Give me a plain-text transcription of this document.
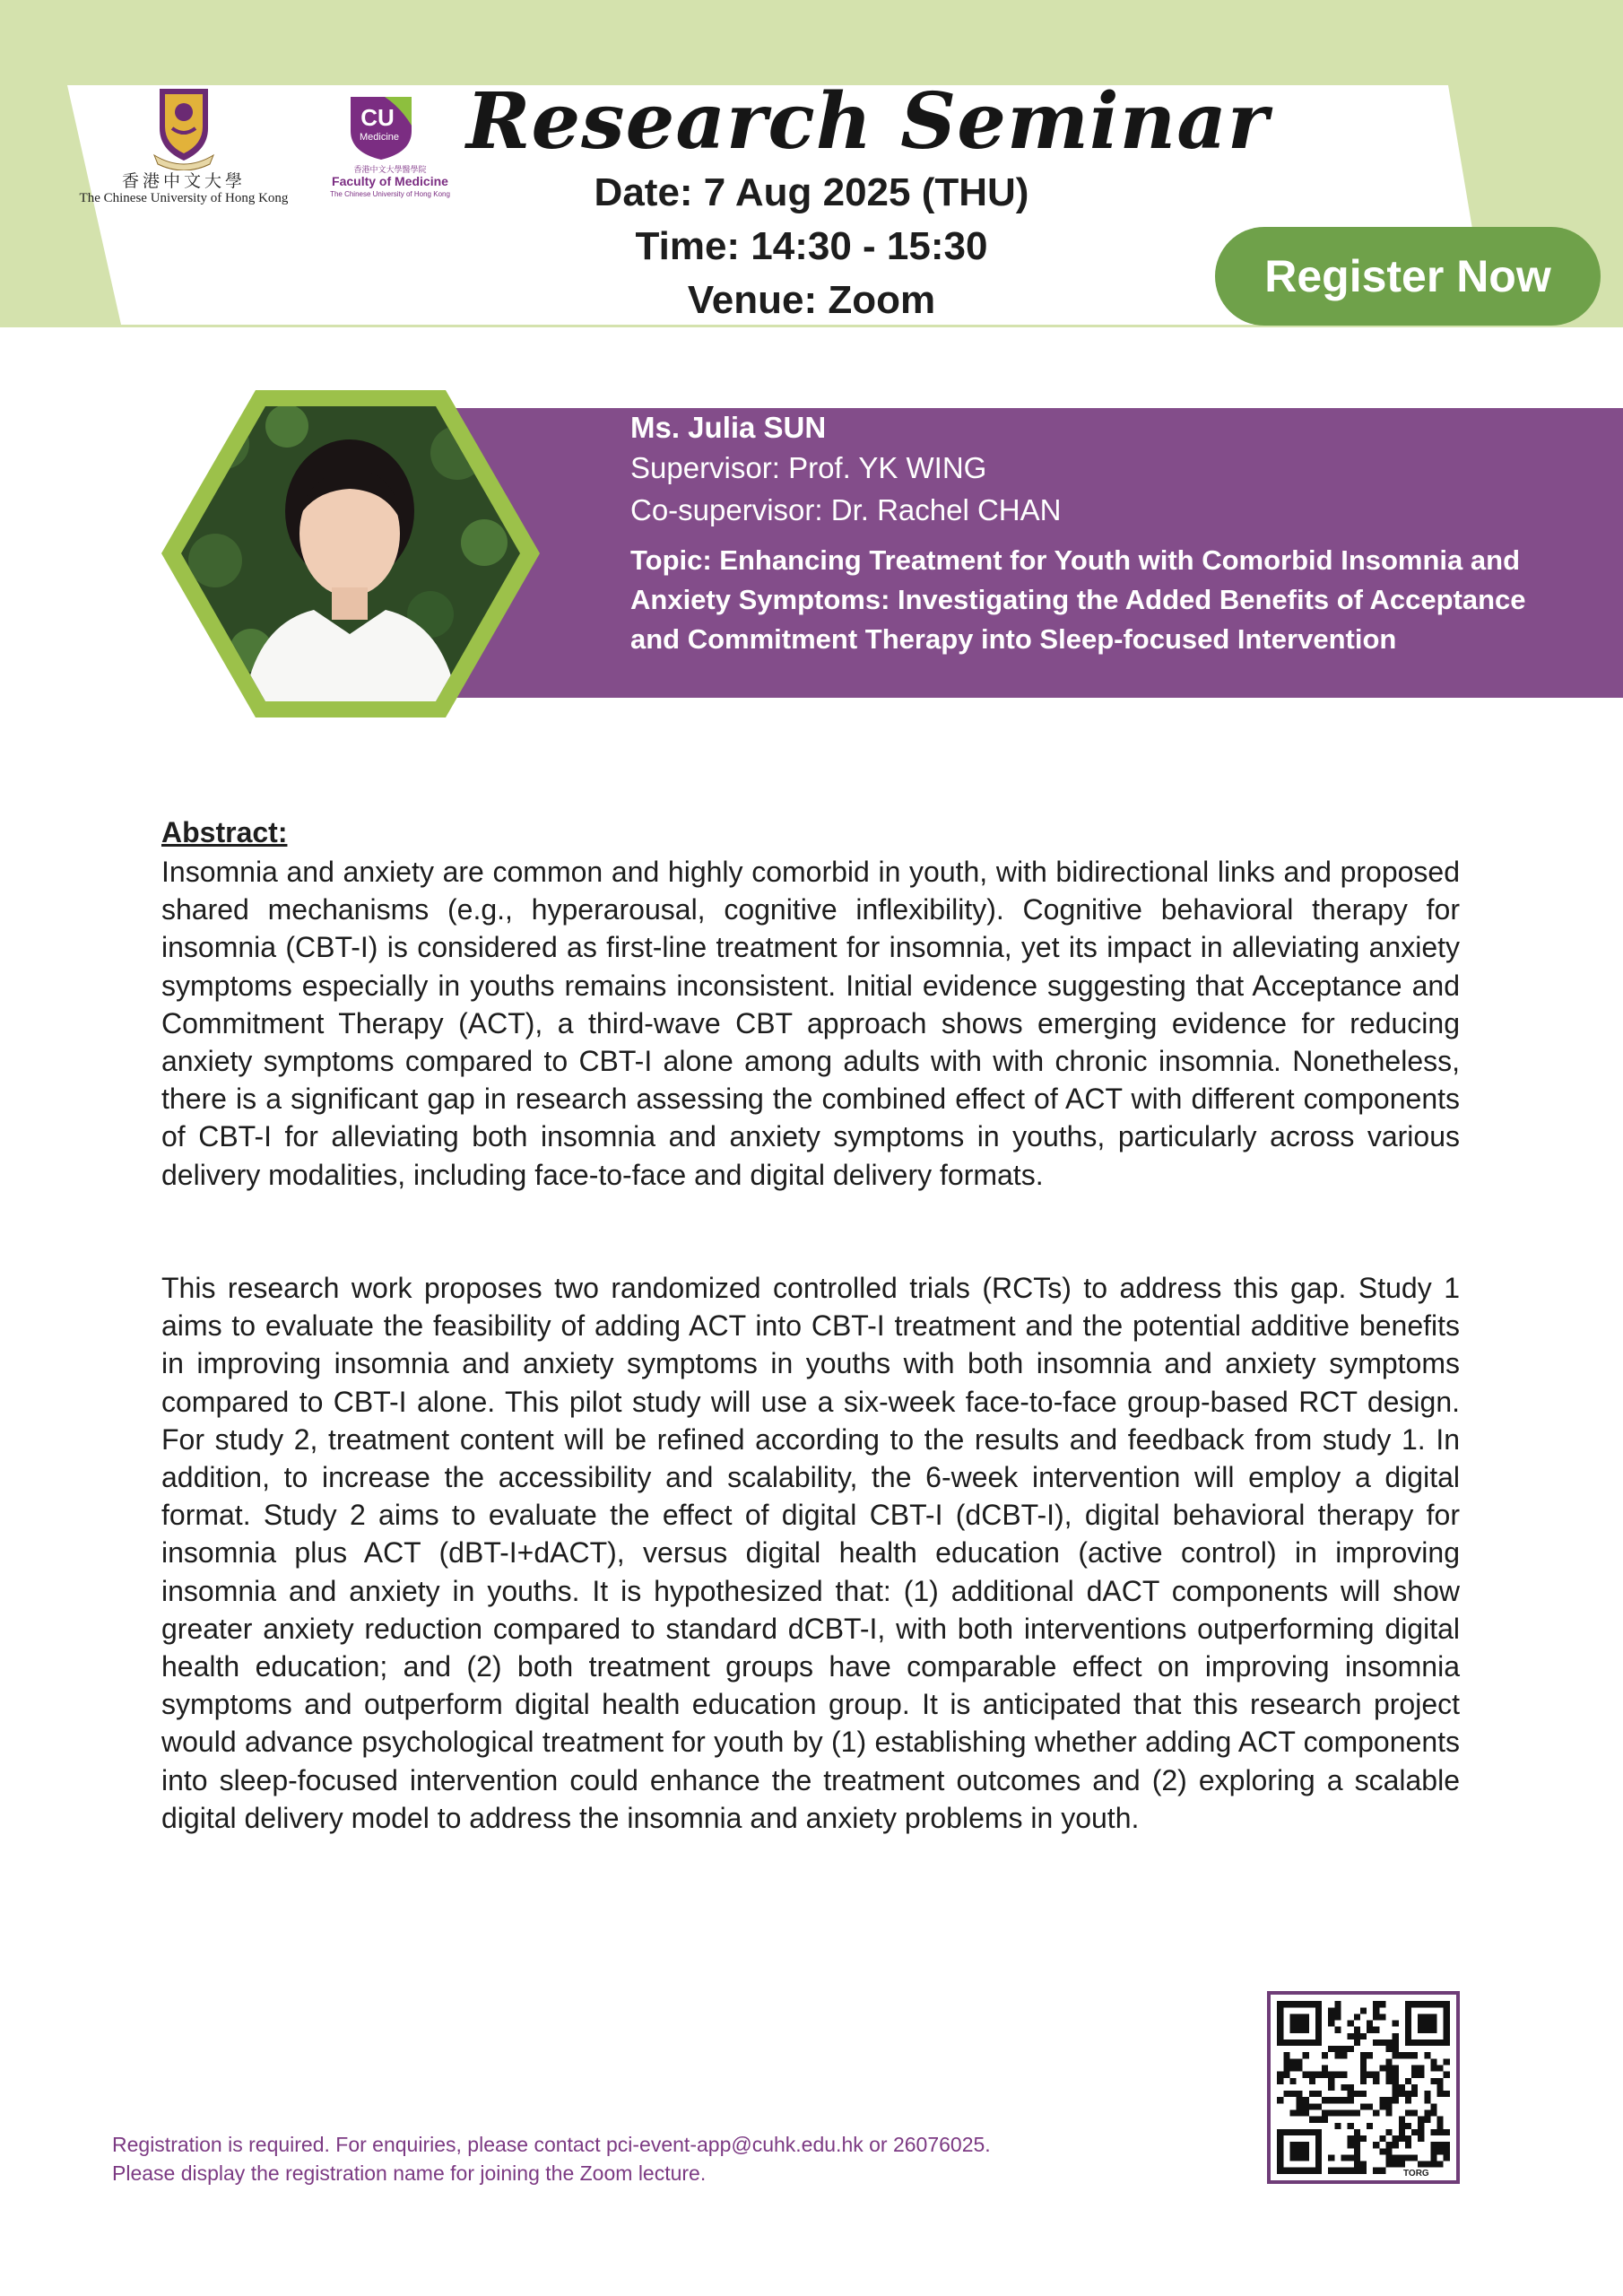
香港中文大學
The Chinese University of Hong Kong
CU
Medicine
香港中文大學醫學院
Faculty of Medicine
The Chinese University of Hong Kong
Research Seminar
Date: 7 Aug 2025 (THU)
Time: 14:30 - 15:30
Venue: Zoom	Register Now
Ms. Julia SUN
Supervisor: Prof. YK WING
Co-supervisor: Dr. Rachel CHAN
Topic: Enhancing Treatment for Youth with Comorbid Insomnia and Anxiety Symptoms: Investigating the Added Benefits of Acceptance and Commitment Therapy into Sleep-focused Intervention
Abstract:
Insomnia and anxiety are common and highly comorbid in youth, with bidirectional links and proposed shared mechanisms (e.g., hyperarousal, cognitive inflexibility). Cognitive behavioral therapy for insomnia (CBT-I) is considered as first-line treatment for insomnia, yet its impact in alleviating anxiety symptoms especially in youths remains inconsistent. Initial evidence suggesting that Acceptance and Commitment Therapy (ACT), a third-wave CBT approach shows emerging evidence for reducing anxiety symptoms compared to CBT-I alone among adults with with chronic insomnia. Nonetheless, there is a significant gap in research assessing the combined effect of ACT with different components of CBT-I for alleviating both insomnia and anxiety symptoms in youths, particularly across various delivery modalities, including face-to-face and digital delivery formats.
This research work proposes two randomized controlled trials (RCTs) to address this gap. Study 1 aims to evaluate the feasibility of adding ACT into CBT-I treatment and the potential additive benefits in improving insomnia and anxiety symptoms in youths with both insomnia and anxiety symptoms compared to CBT-I alone. This pilot study will use a six-week face-to-face group-based RCT design. For study 2, treatment content will be refined according to the results and feedback from study 1. In addition, to increase the accessibility and scalability, the 6-week intervention will employ a digital format. Study 2 aims to evaluate the effect of digital CBT-I (dCBT-I), digital behavioral therapy for insomnia plus ACT (dBT-I+dACT), versus digital health education (active control) in improving insomnia and anxiety in youths. It is hypothesized that: (1) additional dACT components will show greater anxiety reduction compared to standard dCBT-I, with both interventions outperforming digital health education; and (2) both treatment groups have comparable effect on improving insomnia symptoms and outperform digital health education group. It is anticipated that this research project would advance psychological treatment for youth by (1) establishing whether adding ACT components into sleep-focused intervention could enhance the treatment outcomes and (2) exploring a scalable digital delivery model to address the insomnia and anxiety problems in youth.
Registration is required. For enquiries, please contact pci-event-app@cuhk.edu.hk or 26076025.
Please display the registration name for joining the Zoom lecture.	TORG
